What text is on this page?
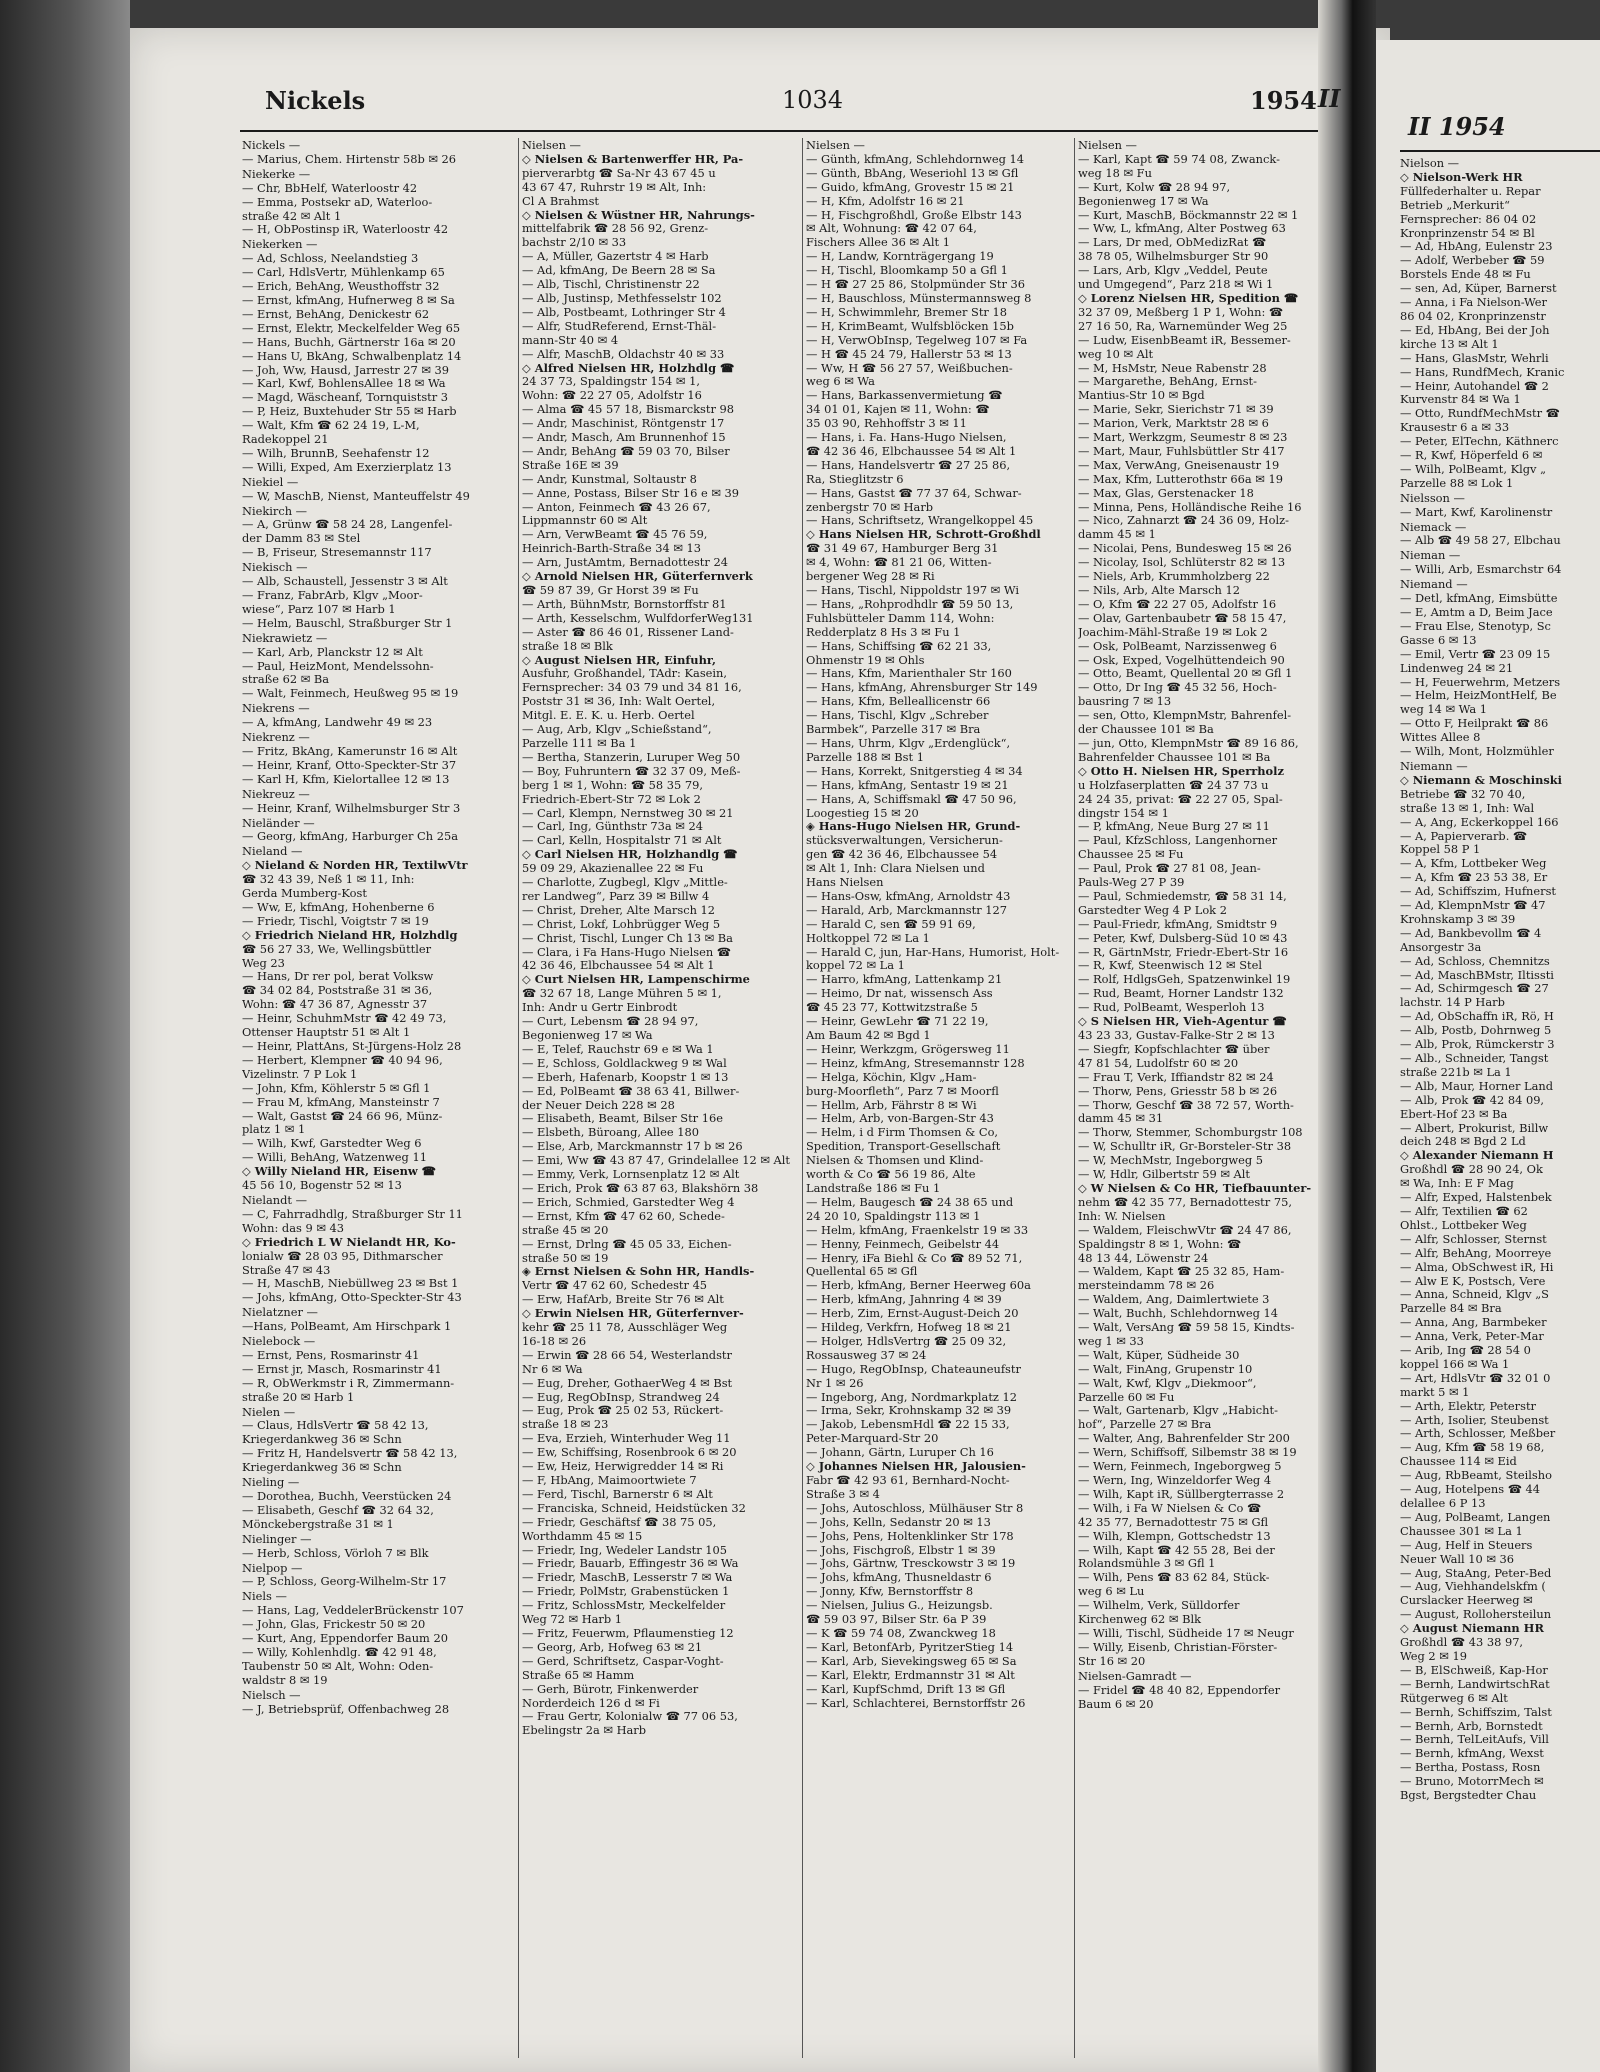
Nickels	1034	1954 II
Nickels —
— Marius, Chem. Hirtenstr 58b ✉ 26
Niekerke —
— Chr, BbHelf, Waterloostr 42
— Emma, Postsekr aD, Waterloo-
straße 42 ✉ Alt 1
— H, ObPostinsp iR, Waterloostr 42
Niekerken —
— Ad, Schloss, Neelandstieg 3
— Carl, HdlsVertr, Mühlenkamp 65
— Erich, BehAng, Weusthoffstr 32
— Ernst, kfmAng, Hufnerweg 8 ✉ Sa
— Ernst, BehAng, Denickestr 62
— Ernst, Elektr, Meckelfelder Weg 65
— Hans, Buchh, Gärtnerstr 16a ✉ 20
— Hans U, BkAng, Schwalbenplatz 14
— Joh, Ww, Hausd, Jarrestr 27 ✉ 39
— Karl, Kwf, BohlensAllee 18 ✉ Wa
— Magd, Wäscheanf, Tornquiststr 3
— P, Heiz, Buxtehuder Str 55 ✉ Harb
— Walt, Kfm ☎ 62 24 19, L-M,
Radekoppel 21
— Wilh, BrunnB, Seehafenstr 12
— Willi, Exped, Am Exerzierplatz 13
Niekiel —
— W, MaschB, Nienst, Manteuffelstr 49
Niekirch —
— A, Grünw ☎ 58 24 28, Langenfel-
der Damm 83 ✉ Stel
— B, Friseur, Stresemannstr 117
Niekisch —
— Alb, Schaustell, Jessenstr 3 ✉ Alt
— Franz, FabrArb, Klgv „Moor-
wiese“, Parz 107 ✉ Harb 1
— Helm, Bauschl, Straßburger Str 1
Niekrawietz —
— Karl, Arb, Planckstr 12 ✉ Alt
— Paul, HeizMont, Mendelssohn-
straße 62 ✉ Ba
— Walt, Feinmech, Heußweg 95 ✉ 19
Niekrens —
— A, kfmAng, Landwehr 49 ✉ 23
Niekrenz —
— Fritz, BkAng, Kamerunstr 16 ✉ Alt
— Heinr, Kranf, Otto-Speckter-Str 37
— Karl H, Kfm, Kielortallee 12 ✉ 13
Niekreuz —
— Heinr, Kranf, Wilhelmsburger Str 3
Nieländer —
— Georg, kfmAng, Harburger Ch 25a
Nieland —
◇ Nieland & Norden HR, TextilwVtr
☎ 32 43 39, Neß 1 ✉ 11, Inh:
Gerda Mumberg-Kost
— Ww, E, kfmAng, Hohenberne 6
— Friedr, Tischl, Voigtstr 7 ✉ 19
◇ Friedrich Nieland HR, Holzhdlg
☎ 56 27 33, We, Wellingsbüttler
Weg 23
— Hans, Dr rer pol, berat Volksw
☎ 34 02 84, Poststraße 31 ✉ 36,
Wohn: ☎ 47 36 87, Agnesstr 37
— Heinr, SchuhmMstr ☎ 42 49 73,
Ottenser Hauptstr 51 ✉ Alt 1
— Heinr, PlattAns, St-Jürgens-Holz 28
— Herbert, Klempner ☎ 40 94 96,
Vizelinstr. 7 P Lok 1
— John, Kfm, Köhlerstr 5 ✉ Gfl 1
— Frau M, kfmAng, Mansteinstr 7
— Walt, Gastst ☎ 24 66 96, Münz-
platz 1 ✉ 1
— Wilh, Kwf, Garstedter Weg 6
— Willi, BehAng, Watzenweg 11
◇ Willy Nieland HR, Eisenw ☎
45 56 10, Bogenstr 52 ✉ 13
Nielandt —
— C, Fahrradhdlg, Straßburger Str 11
Wohn: das 9 ✉ 43
◇ Friedrich L W Nielandt HR, Ko-
lonialw ☎ 28 03 95, Dithmarscher
Straße 47 ✉ 43
— H, MaschB, Niebüllweg 23 ✉ Bst 1
— Johs, kfmAng, Otto-Speckter-Str 43
Nielatzner —
—Hans, PolBeamt, Am Hirschpark 1
Nielebock —
— Ernst, Pens, Rosmarinstr 41
— Ernst jr, Masch, Rosmarinstr 41
— R, ObWerkmstr i R, Zimmermann-
straße 20 ✉ Harb 1
Nielen —
— Claus, HdlsVertr ☎ 58 42 13,
Kriegerdankweg 36 ✉ Schn
— Fritz H, Handelsvertr ☎ 58 42 13,
Kriegerdankweg 36 ✉ Schn
Nieling —
— Dorothea, Buchh, Veerstücken 24
— Elisabeth, Geschf ☎ 32 64 32,
Mönckebergstraße 31 ✉ 1
Nielinger —
— Herb, Schloss, Vörloh 7 ✉ Blk
Nielpop —
— P, Schloss, Georg-Wilhelm-Str 17
Niels —
— Hans, Lag, VeddelerBrückenstr 107
— John, Glas, Frickestr 50 ✉ 20
— Kurt, Ang, Eppendorfer Baum 20
— Willy, Kohlenhdlg. ☎ 42 91 48,
Taubenstr 50 ✉ Alt, Wohn: Oden-
waldstr 8 ✉ 19
Nielsch —
— J, Betriebsprüf, Offenbachweg 28
Nielsen —
◇ Nielsen & Bartenwerffer HR, Pa-
pierverarbtg ☎ Sa-Nr 43 67 45 u
43 67 47, Ruhrstr 19 ✉ Alt, Inh:
Cl A Brahmst
◇ Nielsen & Wüstner HR, Nahrungs-
mittelfabrik ☎ 28 56 92, Grenz-
bachstr 2/10 ✉ 33
— A, Müller, Gazertstr 4 ✉ Harb
— Ad, kfmAng, De Beern 28 ✉ Sa
— Alb, Tischl, Christinenstr 22
— Alb, Justinsp, Methfesselstr 102
— Alb, Postbeamt, Lothringer Str 4
— Alfr, StudReferend, Ernst-Thäl-
mann-Str 40 ✉ 4
— Alfr, MaschB, Oldachstr 40 ✉ 33
◇ Alfred Nielsen HR, Holzhdlg ☎
24 37 73, Spaldingstr 154 ✉ 1,
Wohn: ☎ 22 27 05, Adolfstr 16
— Alma ☎ 45 57 18, Bismarckstr 98
— Andr, Maschinist, Röntgenstr 17
— Andr, Masch, Am Brunnenhof 15
— Andr, BehAng ☎ 59 03 70, Bilser
Straße 16E ✉ 39
— Andr, Kunstmal, Soltaustr 8
— Anne, Postass, Bilser Str 16 e ✉ 39
— Anton, Feinmech ☎ 43 26 67,
Lippmannstr 60 ✉ Alt
— Arn, VerwBeamt ☎ 45 76 59,
Heinrich-Barth-Straße 34 ✉ 13
— Arn, JustAmtm, Bernadottestr 24
◇ Arnold Nielsen HR, Güterfernverk
☎ 59 87 39, Gr Horst 39 ✉ Fu
— Arth, BühnMstr, Bornstorffstr 81
— Arth, Kesselschm, WulfdorferWeg131
— Aster ☎ 86 46 01, Rissener Land-
straße 18 ✉ Blk
◇ August Nielsen HR, Einfuhr,
Ausfuhr, Großhandel, TAdr: Kasein,
Fernsprecher: 34 03 79 und 34 81 16,
Poststr 31 ✉ 36, Inh: Walt Oertel,
Mitgl. E. E. K. u. Herb. Oertel
— Aug, Arb, Klgv „Schießstand“,
Parzelle 111 ✉ Ba 1
— Bertha, Stanzerin, Luruper Weg 50
— Boy, Fuhruntern ☎ 32 37 09, Meß-
berg 1 ✉ 1, Wohn: ☎ 58 35 79,
Friedrich-Ebert-Str 72 ✉ Lok 2
— Carl, Klempn, Nernstweg 30 ✉ 21
— Carl, Ing, Günthstr 73a ✉ 24
— Carl, Kelln, Hospitalstr 71 ✉ Alt
◇ Carl Nielsen HR, Holzhandlg ☎
59 09 29, Akazienallee 22 ✉ Fu
— Charlotte, Zugbegl, Klgv „Mittle-
rer Landweg“, Parz 39 ✉ Billw 4
— Christ, Dreher, Alte Marsch 12
— Christ, Lokf, Lohbrügger Weg 5
— Christ, Tischl, Lunger Ch 13 ✉ Ba
— Clara, i Fa Hans-Hugo Nielsen ☎
42 36 46, Elbchaussee 54 ✉ Alt 1
◇ Curt Nielsen HR, Lampenschirme
☎ 32 67 18, Lange Mühren 5 ✉ 1,
Inh: Andr u Gertr Einbrodt
— Curt, Lebensm ☎ 28 94 97,
Begonienweg 17 ✉ Wa
— E, Telef, Rauchstr 69 e ✉ Wa 1
— E, Schloss, Goldlackweg 9 ✉ Wal
— Eberh, Hafenarb, Koopstr 1 ✉ 13
— Ed, PolBeamt ☎ 38 63 41, Billwer-
der Neuer Deich 228 ✉ 28
— Elisabeth, Beamt, Bilser Str 16e
— Elsbeth, Büroang, Allee 180
— Else, Arb, Marckmannstr 17 b ✉ 26
— Emi, Ww ☎ 43 87 47, Grindelallee 12 ✉ Alt
— Emmy, Verk, Lornsenplatz 12 ✉ Alt
— Erich, Prok ☎ 63 87 63, Blakshörn 38
— Erich, Schmied, Garstedter Weg 4
— Ernst, Kfm ☎ 47 62 60, Schede-
straße 45 ✉ 20
— Ernst, Drlng ☎ 45 05 33, Eichen-
straße 50 ✉ 19
◈ Ernst Nielsen & Sohn HR, Handls-
Vertr ☎ 47 62 60, Schedestr 45
— Erw, HafArb, Breite Str 76 ✉ Alt
◇ Erwin Nielsen HR, Güterfernver-
kehr ☎ 25 11 78, Ausschläger Weg
16-18 ✉ 26
— Erwin ☎ 28 66 54, Westerlandstr
Nr 6 ✉ Wa
— Eug, Dreher, GothaerWeg 4 ✉ Bst
— Eug, RegObInsp, Strandweg 24
— Eug, Prok ☎ 25 02 53, Rückert-
straße 18 ✉ 23
— Eva, Erzieh, Winterhuder Weg 11
— Ew, Schiffsing, Rosenbrook 6 ✉ 20
— Ew, Heiz, Herwigredder 14 ✉ Ri
— F, HbAng, Maimoortwiete 7
— Ferd, Tischl, Barnerstr 6 ✉ Alt
— Franciska, Schneid, Heidstücken 32
— Friedr, Geschäftsf ☎ 38 75 05,
Worthdamm 45 ✉ 15
— Friedr, Ing, Wedeler Landstr 105
— Friedr, Bauarb, Effingestr 36 ✉ Wa
— Friedr, MaschB, Lesserstr 7 ✉ Wa
— Friedr, PolMstr, Grabenstücken 1
— Fritz, SchlossMstr, Meckelfelder
Weg 72 ✉ Harb 1
— Fritz, Feuerwm, Pflaumenstieg 12
— Georg, Arb, Hofweg 63 ✉ 21
— Gerd, Schriftsetz, Caspar-Voght-
Straße 65 ✉ Hamm
— Gerh, Bürotr, Finkenwerder
Norderdeich 126 d ✉ Fi
— Frau Gertr, Kolonialw ☎ 77 06 53,
Ebelingstr 2a ✉ Harb
Nielsen —
— Günth, kfmAng, Schlehdornweg 14
— Günth, BbAng, Weseriohl 13 ✉ Gfl
— Guido, kfmAng, Grovestr 15 ✉ 21
— H, Kfm, Adolfstr 16 ✉ 21
— H, Fischgroßhdl, Große Elbstr 143
✉ Alt, Wohnung: ☎ 42 07 64,
Fischers Allee 36 ✉ Alt 1
— H, Landw, Kornträgergang 19
— H, Tischl, Bloomkamp 50 a Gfl 1
— H ☎ 27 25 86, Stolpmünder Str 36
— H, Bauschloss, Münstermannsweg 8
— H, Schwimmlehr, Bremer Str 18
— H, KrimBeamt, Wulfsblöcken 15b
— H, VerwObInsp, Tegelweg 107 ✉ Fa
— H ☎ 45 24 79, Hallerstr 53 ✉ 13
— Ww, H ☎ 56 27 57, Weißbuchen-
weg 6 ✉ Wa
— Hans, Barkassenvermietung ☎
34 01 01, Kajen ✉ 11, Wohn: ☎
35 03 90, Rehhoffstr 3 ✉ 11
— Hans, i. Fa. Hans-Hugo Nielsen,
☎ 42 36 46, Elbchaussee 54 ✉ Alt 1
— Hans, Handelsvertr ☎ 27 25 86,
Ra, Stieglitzstr 6
— Hans, Gastst ☎ 77 37 64, Schwar-
zenbergstr 70 ✉ Harb
— Hans, Schriftsetz, Wrangelkoppel 45
◇ Hans Nielsen HR, Schrott-Großhdl
☎ 31 49 67, Hamburger Berg 31
✉ 4, Wohn: ☎ 81 21 06, Witten-
bergener Weg 28 ✉ Ri
— Hans, Tischl, Nippoldstr 197 ✉ Wi
— Hans, „Rohprodhdlr ☎ 59 50 13,
Fuhlsbütteler Damm 114, Wohn:
Redderplatz 8 Hs 3 ✉ Fu 1
— Hans, Schiffsing ☎ 62 21 33,
Ohmenstr 19 ✉ Ohls
— Hans, Kfm, Marienthaler Str 160
— Hans, kfmAng, Ahrensburger Str 149
— Hans, Kfm, Belleallicenstr 66
— Hans, Tischl, Klgv „Schreber
Barmbek“, Parzelle 317 ✉ Bra
— Hans, Uhrm, Klgv „Erdenglück“,
Parzelle 188 ✉ Bst 1
— Hans, Korrekt, Snitgerstieg 4 ✉ 34
— Hans, kfmAng, Sentastr 19 ✉ 21
— Hans, A, Schiffsmakl ☎ 47 50 96,
Loogestieg 15 ✉ 20
◈ Hans-Hugo Nielsen HR, Grund-
stücksverwaltungen, Versicherun-
gen ☎ 42 36 46, Elbchaussee 54
✉ Alt 1, Inh: Clara Nielsen und
Hans Nielsen
— Hans-Osw, kfmAng, Arnoldstr 43
— Harald, Arb, Marckmannstr 127
— Harald C, sen ☎ 59 91 69,
Holtkoppel 72 ✉ La 1
— Harald C, jun, Har-Hans, Humorist, Holt-
koppel 72 ✉ La 1
— Harro, kfmAng, Lattenkamp 21
— Heimo, Dr nat, wissensch Ass
☎ 45 23 77, Kottwitzstraße 5
— Heinr, GewLehr ☎ 71 22 19,
Am Baum 42 ✉ Bgd 1
— Heinr, Werkzgm, Grögersweg 11
— Heinz, kfmAng, Stresemannstr 128
— Helga, Köchin, Klgv „Ham-
burg-Moorfleth“, Parz 7 ✉ Moorfl
— Hellm, Arb, Fährstr 8 ✉ Wi
— Helm, Arb, von-Bargen-Str 43
— Helm, i d Firm Thomsen & Co,
Spedition, Transport-Gesellschaft
Nielsen & Thomsen und Klind-
worth & Co ☎ 56 19 86, Alte
Landstraße 186 ✉ Fu 1
— Helm, Baugesch ☎ 24 38 65 und
24 20 10, Spaldingstr 113 ✉ 1
— Helm, kfmAng, Fraenkelstr 19 ✉ 33
— Henny, Feinmech, Geibelstr 44
— Henry, iFa Biehl & Co ☎ 89 52 71,
Quellental 65 ✉ Gfl
— Herb, kfmAng, Berner Heerweg 60a
— Herb, kfmAng, Jahnring 4 ✉ 39
— Herb, Zim, Ernst-August-Deich 20
— Hildeg, Verkfrn, Hofweg 18 ✉ 21
— Holger, HdlsVertrg ☎ 25 09 32,
Rossausweg 37 ✉ 24
— Hugo, RegObInsp, Chateauneufstr
Nr 1 ✉ 26
— Ingeborg, Ang, Nordmarkplatz 12
— Irma, Sekr, Krohnskamp 32 ✉ 39
— Jakob, LebensmHdl ☎ 22 15 33,
Peter-Marquard-Str 20
— Johann, Gärtn, Luruper Ch 16
◇ Johannes Nielsen HR, Jalousien-
Fabr ☎ 42 93 61, Bernhard-Nocht-
Straße 3 ✉ 4
— Johs, Autoschloss, Mülhäuser Str 8
— Johs, Kelln, Sedanstr 20 ✉ 13
— Johs, Pens, Holtenklinker Str 178
— Johs, Fischgroß, Elbstr 1 ✉ 39
— Johs, Gärtnw, Tresckowstr 3 ✉ 19
— Johs, kfmAng, Thusneldastr 6
— Jonny, Kfw, Bernstorffstr 8
— Nielsen, Julius G., Heizungsb.
☎ 59 03 97, Bilser Str. 6a P 39
— K ☎ 59 74 08, Zwanckweg 18
— Karl, BetonfArb, PyritzerStieg 14
— Karl, Arb, Sievekingsweg 65 ✉ Sa
— Karl, Elektr, Erdmannstr 31 ✉ Alt
— Karl, KupfSchmd, Drift 13 ✉ Gfl
— Karl, Schlachterei, Bernstorffstr 26
Nielsen —
— Karl, Kapt ☎ 59 74 08, Zwanck-
weg 18 ✉ Fu
— Kurt, Kolw ☎ 28 94 97,
Begonienweg 17 ✉ Wa
— Kurt, MaschB, Böckmannstr 22 ✉ 1
— Ww, L, kfmAng, Alter Postweg 63
— Lars, Dr med, ObMedizRat ☎
38 78 05, Wilhelmsburger Str 90
— Lars, Arb, Klgv „Veddel, Peute
und Umgegend“, Parz 218 ✉ Wi 1
◇ Lorenz Nielsen HR, Spedition ☎
32 37 09, Meßberg 1 P 1, Wohn: ☎
27 16 50, Ra, Warnemünder Weg 25
— Ludw, EisenbBeamt iR, Bessemer-
weg 10 ✉ Alt
— M, HsMstr, Neue Rabenstr 28
— Margarethe, BehAng, Ernst-
Mantius-Str 10 ✉ Bgd
— Marie, Sekr, Sierichstr 71 ✉ 39
— Marion, Verk, Marktstr 28 ✉ 6
— Mart, Werkzgm, Seumestr 8 ✉ 23
— Mart, Maur, Fuhlsbüttler Str 417
— Max, VerwAng, Gneisenaustr 19
— Max, Kfm, Lutterothstr 66a ✉ 19
— Max, Glas, Gerstenacker 18
— Minna, Pens, Holländische Reihe 16
— Nico, Zahnarzt ☎ 24 36 09, Holz-
damm 45 ✉ 1
— Nicolai, Pens, Bundesweg 15 ✉ 26
— Nicolay, Isol, Schlüterstr 82 ✉ 13
— Niels, Arb, Krummholzberg 22
— Nils, Arb, Alte Marsch 12
— O, Kfm ☎ 22 27 05, Adolfstr 16
— Olav, Gartenbaubetr ☎ 58 15 47,
Joachim-Mähl-Straße 19 ✉ Lok 2
— Osk, PolBeamt, Narzissenweg 6
— Osk, Exped, Vogelhüttendeich 90
— Otto, Beamt, Quellental 20 ✉ Gfl 1
— Otto, Dr Ing ☎ 45 32 56, Hoch-
bausring 7 ✉ 13
— sen, Otto, KlempnMstr, Bahrenfel-
der Chaussee 101 ✉ Ba
— jun, Otto, KlempnMstr ☎ 89 16 86,
Bahrenfelder Chaussee 101 ✉ Ba
◇ Otto H. Nielsen HR, Sperrholz
u Holzfaserplatten ☎ 24 37 73 u
24 24 35, privat: ☎ 22 27 05, Spal-
dingstr 154 ✉ 1
— P, kfmAng, Neue Burg 27 ✉ 11
— Paul, KfzSchloss, Langenhorner
Chaussee 25 ✉ Fu
— Paul, Prok ☎ 27 81 08, Jean-
Pauls-Weg 27 P 39
— Paul, Schmiedemstr, ☎ 58 31 14,
Garstedter Weg 4 P Lok 2
— Paul-Friedr, kfmAng, Smidtstr 9
— Peter, Kwf, Dulsberg-Süd 10 ✉ 43
— R, GärtnMstr, Friedr-Ebert-Str 16
— R, Kwf, Steenwisch 12 ✉ Stel
— Rolf, HdlgsGeh, Spatzenwinkel 19
— Rud, Beamt, Horner Landstr 132
— Rud, PolBeamt, Wesperloh 13
◇ S Nielsen HR, Vieh-Agentur ☎
43 23 33, Gustav-Falke-Str 2 ✉ 13
— Siegfr, Kopfschlachter ☎ über
47 81 54, Ludolfstr 60 ✉ 20
— Frau T, Verk, Iffiandstr 82 ✉ 24
— Thorw, Pens, Griesstr 58 b ✉ 26
— Thorw, Geschf ☎ 38 72 57, Worth-
damm 45 ✉ 31
— Thorw, Stemmer, Schomburgstr 108
— W, Schulltr iR, Gr-Borsteler-Str 38
— W, MechMstr, Ingeborgweg 5
— W, Hdlr, Gilbertstr 59 ✉ Alt
◇ W Nielsen & Co HR, Tiefbauunter-
nehm ☎ 42 35 77, Bernadottestr 75,
Inh: W. Nielsen
— Waldem, FleischwVtr ☎ 24 47 86,
Spaldingstr 8 ✉ 1, Wohn: ☎
48 13 44, Löwenstr 24
— Waldem, Kapt ☎ 25 32 85, Ham-
mersteindamm 78 ✉ 26
— Waldem, Ang, Daimlertwiete 3
— Walt, Buchh, Schlehdornweg 14
— Walt, VersAng ☎ 59 58 15, Kindts-
weg 1 ✉ 33
— Walt, Küper, Südheide 30
— Walt, FinAng, Grupenstr 10
— Walt, Kwf, Klgv „Diekmoor“,
Parzelle 60 ✉ Fu
— Walt, Gartenarb, Klgv „Habicht-
hof“, Parzelle 27 ✉ Bra
— Walter, Ang, Bahrenfelder Str 200
— Wern, Schiffsoff, Silbemstr 38 ✉ 19
— Wern, Feinmech, Ingeborgweg 5
— Wern, Ing, Winzeldorfer Weg 4
— Wilh, Kapt iR, Süllbergterrasse 2
— Wilh, i Fa W Nielsen & Co ☎
42 35 77, Bernadottestr 75 ✉ Gfl
— Wilh, Klempn, Gottschedstr 13
— Wilh, Kapt ☎ 42 55 28, Bei der
Rolandsmühle 3 ✉ Gfl 1
— Wilh, Pens ☎ 83 62 84, Stück-
weg 6 ✉ Lu
— Wilhelm, Verk, Sülldorfer
Kirchenweg 62 ✉ Blk
— Willi, Tischl, Südheide 17 ✉ Neugr
— Willy, Eisenb, Christian-Förster-
Str 16 ✉ 20
Nielsen-Gamradt —
— Fridel ☎ 48 40 82, Eppendorfer
Baum 6 ✉ 20
II 1954
Nielson —
◇ Nielson-Werk HR
Füllfederhalter u. Repar
Betrieb „Merkurit“
Fernsprecher: 86 04 02
Kronprinzenstr 54 ✉ Bl
— Ad, HbAng, Eulenstr 23
— Adolf, Werbeber ☎ 59
Borstels Ende 48 ✉ Fu
— sen, Ad, Küper, Barnerst
— Anna, i Fa Nielson-Wer
86 04 02, Kronprinzenstr
— Ed, HbAng, Bei der Joh
kirche 13 ✉ Alt 1
— Hans, GlasMstr, Wehrli
— Hans, RundfMech, Kranic
— Heinr, Autohandel ☎ 2
Kurvenstr 84 ✉ Wa 1
— Otto, RundfMechMstr ☎
Krausestr 6 a ✉ 33
— Peter, ElTechn, Käthnerc
— R, Kwf, Höperfeld 6 ✉
— Wilh, PolBeamt, Klgv „
Parzelle 88 ✉ Lok 1
Nielsson —
— Mart, Kwf, Karolinenstr
Niemack —
— Alb ☎ 49 58 27, Elbchau
Nieman —
— Willi, Arb, Esmarchstr 64
Niemand —
— Detl, kfmAng, Eimsbütte
— E, Amtm a D, Beim Jace
— Frau Else, Stenotyp, Sc
Gasse 6 ✉ 13
— Emil, Vertr ☎ 23 09 15
Lindenweg 24 ✉ 21
— H, Feuerwehrm, Metzers
— Helm, HeizMontHelf, Be
weg 14 ✉ Wa 1
— Otto F, Heilprakt ☎ 86
Wittes Allee 8
— Wilh, Mont, Holzmühler
Niemann —
◇ Niemann & Moschinski
Betriebe ☎ 32 70 40,
straße 13 ✉ 1, Inh: Wal
— A, Ang, Eckerkoppel 166
— A, Papierverarb. ☎
Koppel 58 P 1
— A, Kfm, Lottbeker Weg
— A, Kfm ☎ 23 53 38, Er
— Ad, Schiffszim, Hufnerst
— Ad, KlempnMstr ☎ 47
Krohnskamp 3 ✉ 39
— Ad, Bankbevollm ☎ 4
Ansorgestr 3a
— Ad, Schloss, Chemnitzs
— Ad, MaschBMstr, Iltissti
— Ad, Schirmgesch ☎ 27
lachstr. 14 P Harb
— Ad, ObSchaffn iR, Rö, H
— Alb, Postb, Dohrnweg 5
— Alb, Prok, Rümckerstr 3
— Alb., Schneider, Tangst
straße 221b ✉ La 1
— Alb, Maur, Horner Land
— Alb, Prok ☎ 42 84 09,
Ebert-Hof 23 ✉ Ba
— Albert, Prokurist, Billw
deich 248 ✉ Bgd 2 Ld
◇ Alexander Niemann H
Großhdl ☎ 28 90 24, Ok
✉ Wa, Inh: E F Mag
— Alfr, Exped, Halstenbek
— Alfr, Textilien ☎ 62
Ohlst., Lottbeker Weg
— Alfr, Schlosser, Sternst
— Alfr, BehAng, Moorreye
— Alma, ObSchwest iR, Hi
— Alw E K, Postsch, Vere
— Anna, Schneid, Klgv „S
Parzelle 84 ✉ Bra
— Anna, Ang, Barmbeker
— Anna, Verk, Peter-Mar
— Arib, Ing ☎ 28 54 0
koppel 166 ✉ Wa 1
— Art, HdlsVtr ☎ 32 01 0
markt 5 ✉ 1
— Arth, Elektr, Peterstr
— Arth, Isolier, Steubenst
— Arth, Schlosser, Meßber
— Aug, Kfm ☎ 58 19 68,
Chaussee 114 ✉ Eid
— Aug, RbBeamt, Steilsho
— Aug, Hotelpens ☎ 44
delallee 6 P 13
— Aug, PolBeamt, Langen
Chaussee 301 ✉ La 1
— Aug, Helf in Steuers
Neuer Wall 10 ✉ 36
— Aug, StaAng, Peter-Bed
— Aug, Viehhandelskfm (
Curslacker Heerweg ✉
— August, Rollohersteilun
◇ August Niemann HR
Großhdl ☎ 43 38 97,
Weg 2 ✉ 19
— B, ElSchweiß, Kap-Hor
— Bernh, LandwirtschRat
Rütgerweg 6 ✉ Alt
— Bernh, Schiffszim, Talst
— Bernh, Arb, Bornstedt
— Bernh, TelLeitAufs, Vill
— Bernh, kfmAng, Wexst
— Bertha, Postass, Rosn
— Bruno, MotorrMech ✉
Bgst, Bergstedter Chau
